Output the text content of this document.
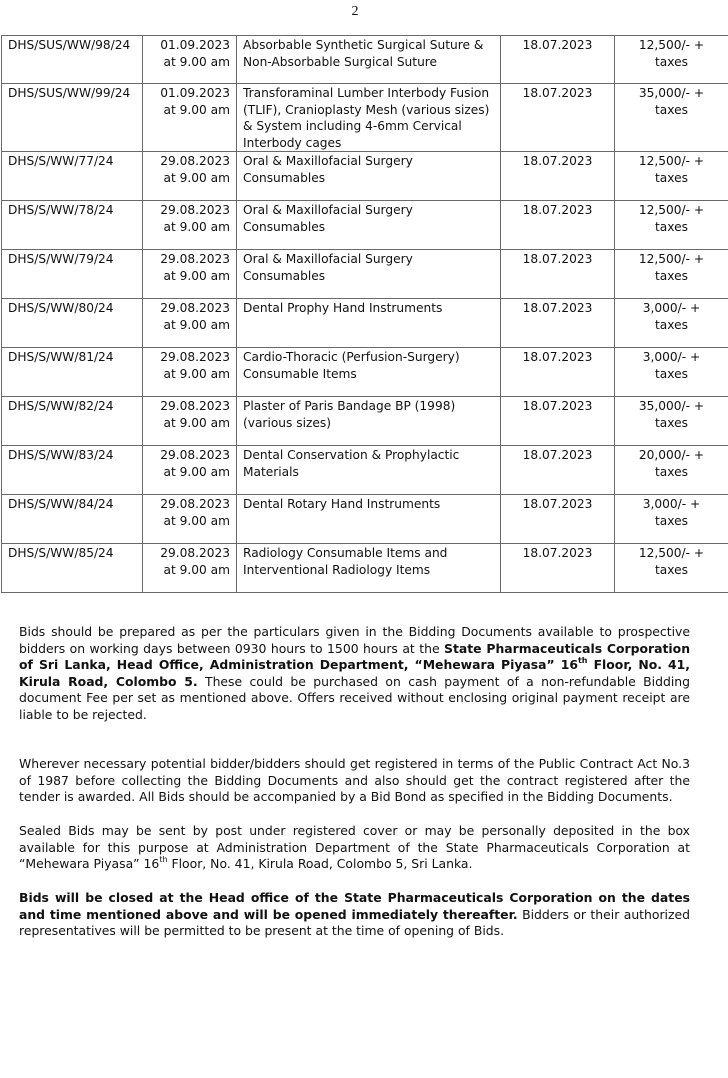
2
DHS/SUS/WW/98/24	01.09.2023
at 9.00 am
	Absorbable Synthetic Surgical Suture & Non-Absorbable Surgical Suture	18.07.2023	12,500/- +
taxes

DHS/SUS/WW/99/24	01.09.2023
at 9.00 am
	Transforaminal Lumber Interbody Fusion (TLIF), Cranioplasty Mesh (various sizes) & System including 4-6mm Cervical Interbody cages	18.07.2023	35,000/- +
taxes

DHS/S/WW/77/24	29.08.2023
at 9.00 am
	Oral & Maxillofacial Surgery Consumables	18.07.2023	12,500/- +
taxes

DHS/S/WW/78/24	29.08.2023
at 9.00 am
	Oral & Maxillofacial Surgery Consumables	18.07.2023	12,500/- +
taxes

DHS/S/WW/79/24	29.08.2023
at 9.00 am
	Oral & Maxillofacial Surgery Consumables	18.07.2023	12,500/- +
taxes

DHS/S/WW/80/24	29.08.2023
at 9.00 am
	Dental Prophy Hand Instruments	18.07.2023	3,000/- +
taxes

DHS/S/WW/81/24	29.08.2023
at 9.00 am
	Cardio-Thoracic (Perfusion-Surgery) Consumable Items	18.07.2023	3,000/- +
taxes

DHS/S/WW/82/24	29.08.2023
at 9.00 am
	Plaster of Paris Bandage BP (1998) (various sizes)	18.07.2023	35,000/- +
taxes

DHS/S/WW/83/24	29.08.2023
at 9.00 am
	Dental Conservation & Prophylactic Materials	18.07.2023	20,000/- +
taxes

DHS/S/WW/84/24	29.08.2023
at 9.00 am
	Dental Rotary Hand Instruments	18.07.2023	3,000/- +
taxes

DHS/S/WW/85/24	29.08.2023
at 9.00 am
	Radiology Consumable Items and Interventional Radiology Items	18.07.2023	12,500/- +
taxes
Bids should be prepared as per the particulars given in the Bidding Documents available to prospective bidders on working days between 0930 hours to 1500 hours at the State Pharmaceuticals Corporation of Sri Lanka, Head Office, Administration Department, “Mehewara Piyasa” 16th Floor, No. 41, Kirula Road, Colombo 5. These could be purchased on cash payment of a non-refundable Bidding document Fee per set as mentioned above. Offers received without enclosing original payment receipt are liable to be rejected.
Wherever necessary potential bidder/bidders should get registered in terms of the Public Contract Act No.3 of 1987 before collecting the Bidding Documents and also should get the contract registered after the tender is awarded. All Bids should be accompanied by a Bid Bond as specified in the Bidding Documents.
Sealed Bids may be sent by post under registered cover or may be personally deposited in the box available for this purpose at Administration Department of the State Pharmaceuticals Corporation at “Mehewara Piyasa” 16th Floor, No. 41, Kirula Road, Colombo 5, Sri Lanka.
Bids will be closed at the Head office of the State Pharmaceuticals Corporation on the dates and time mentioned above and will be opened immediately thereafter. Bidders or their authorized representatives will be permitted to be present at the time of opening of Bids.
